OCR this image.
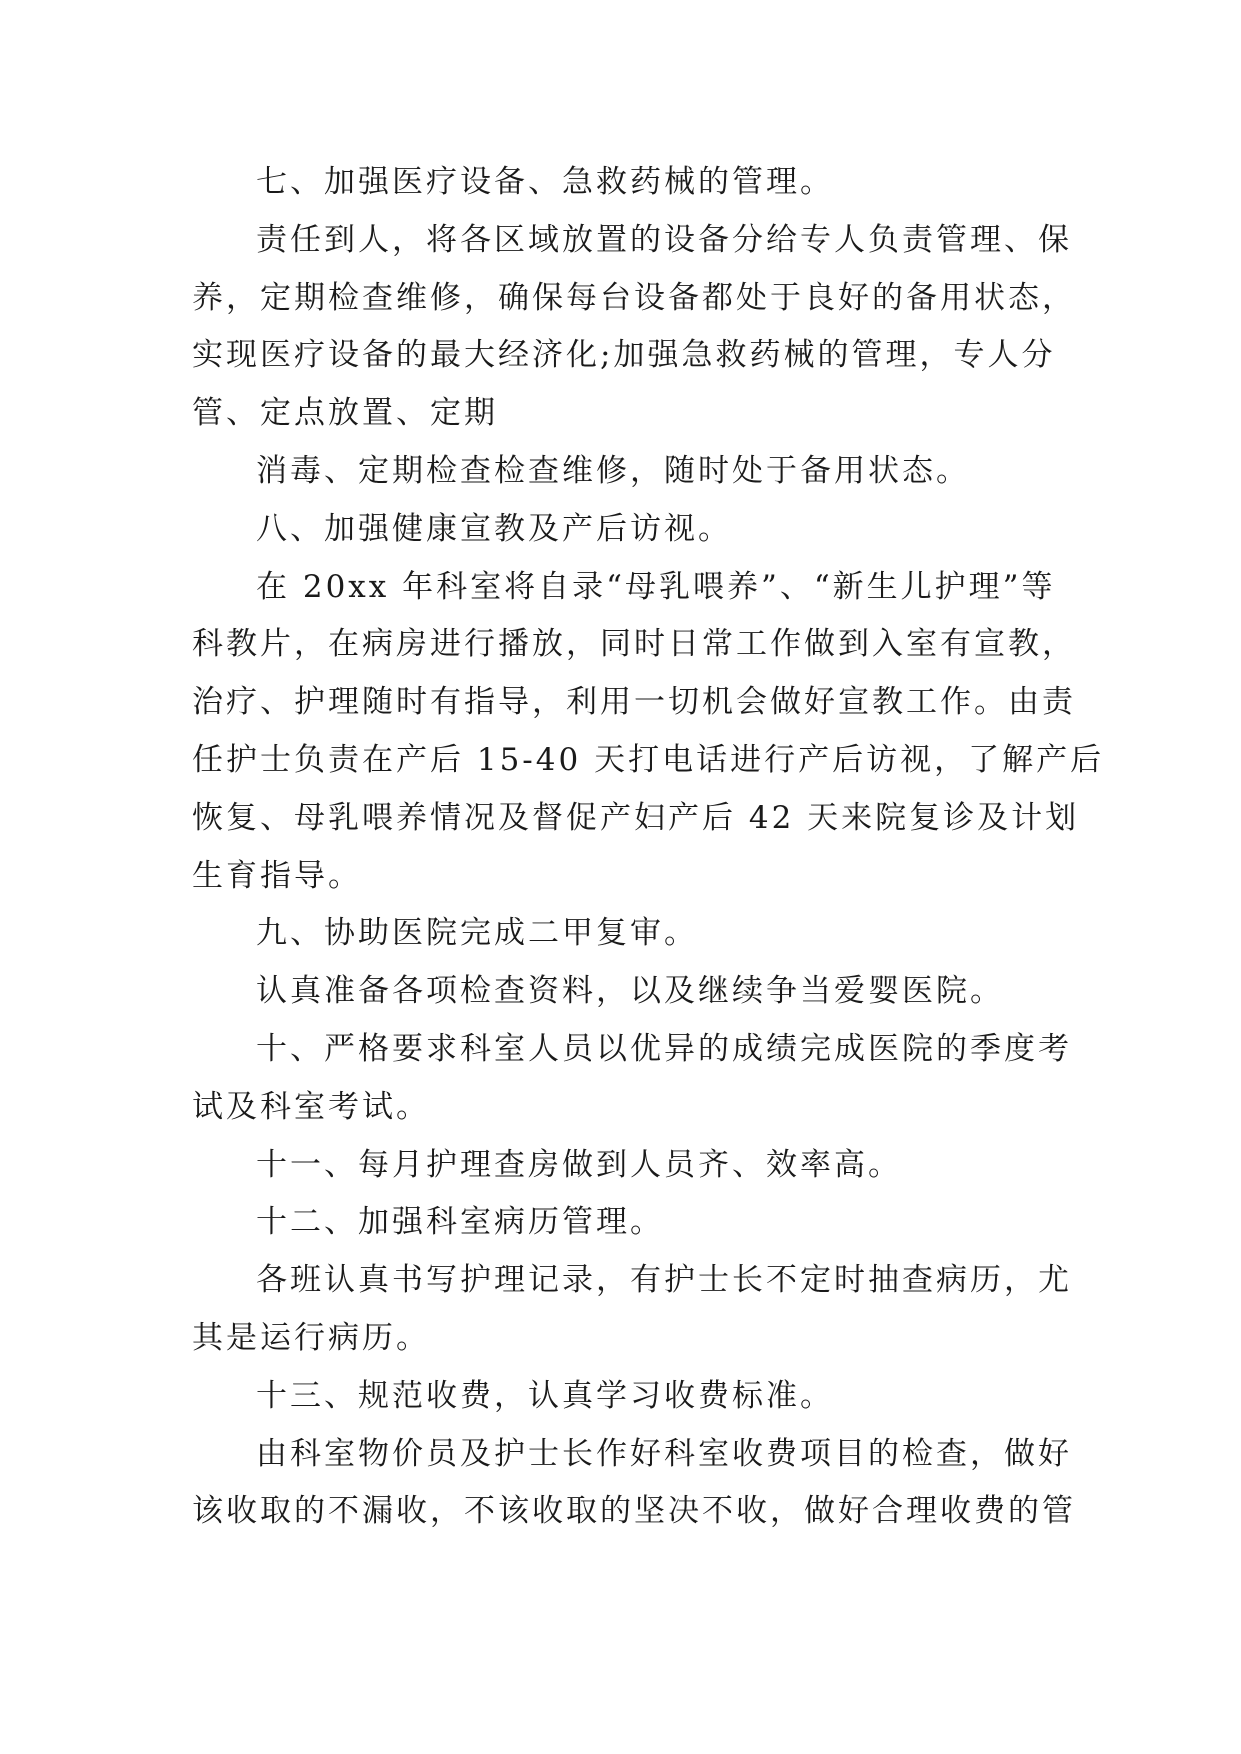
七、加强医疗设备、急救药械的管理。
责任到人，将各区域放置的设备分给专人负责管理、保
养，定期检查维修，确保每台设备都处于良好的备用状态，
实现医疗设备的最大经济化;加强急救药械的管理，专人分
管、定点放置、定期
消毒、定期检查检查维修，随时处于备用状态。
八、加强健康宣教及产后访视。
在 20xx 年科室将自录“母乳喂养”、“新生儿护理”等
科教片，在病房进行播放，同时日常工作做到入室有宣教，
治疗、护理随时有指导，利用一切机会做好宣教工作。由责
任护士负责在产后 15-40 天打电话进行产后访视，了解产后
恢复、母乳喂养情况及督促产妇产后 42 天来院复诊及计划
生育指导。
九、协助医院完成二甲复审。
认真准备各项检查资料，以及继续争当爱婴医院。
十、严格要求科室人员以优异的成绩完成医院的季度考
试及科室考试。
十一、每月护理查房做到人员齐、效率高。
十二、加强科室病历管理。
各班认真书写护理记录，有护士长不定时抽查病历，尤
其是运行病历。
十三、规范收费，认真学习收费标准。
由科室物价员及护士长作好科室收费项目的检查，做好
该收取的不漏收，不该收取的坚决不收，做好合理收费的管
